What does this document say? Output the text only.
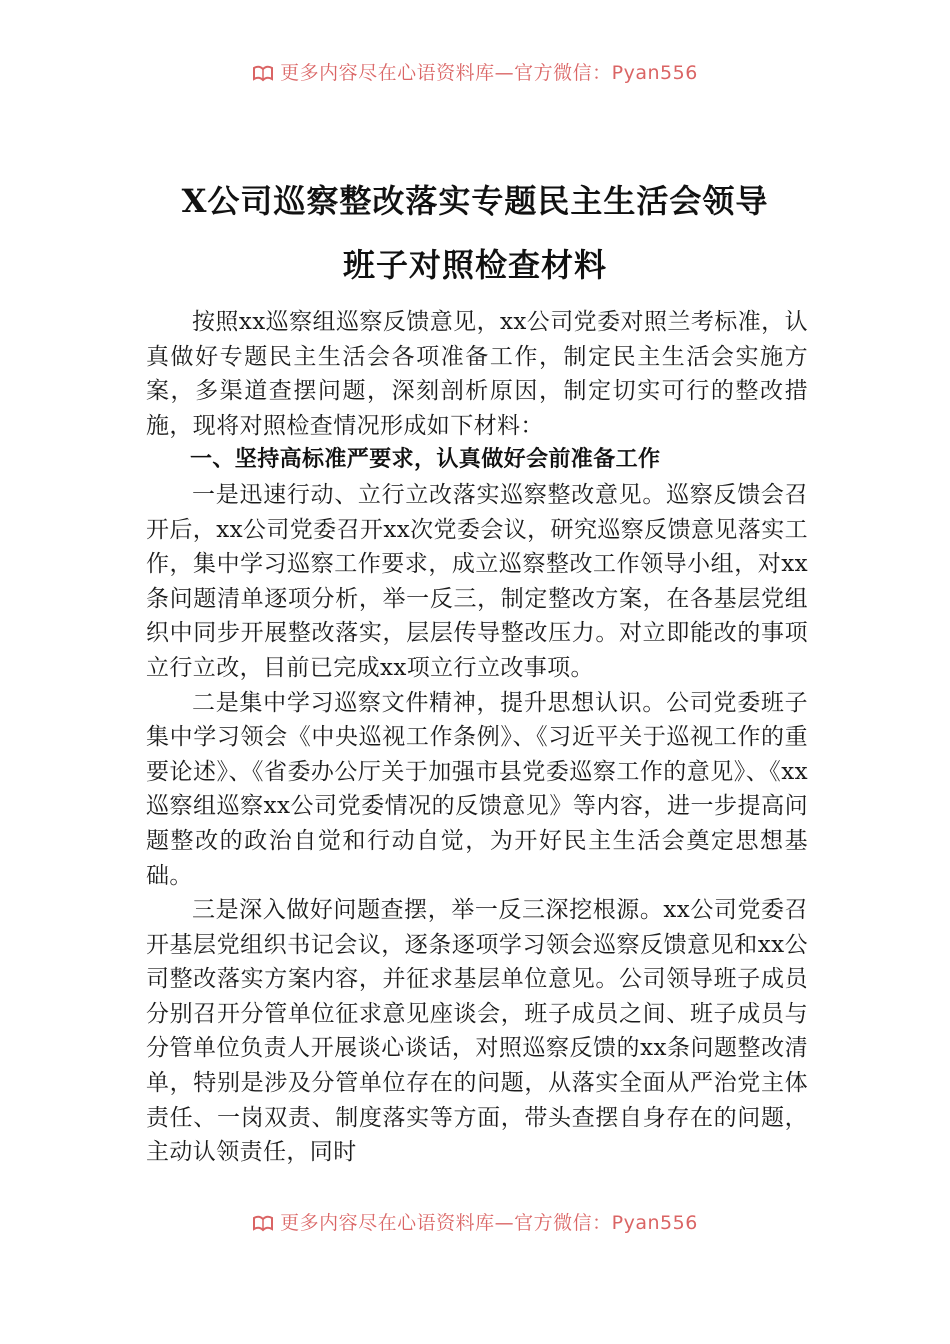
更多内容尽在心语资料库—官方微信：Pyan556
X公司巡察整改落实专题民主生活会领导
班子对照检查材料

按照xx巡察组巡察反馈意见，xx公司党委对照兰考标准，认真做好专题民主生活会各项准备工作，制定民主生活会实施方案，多渠道查摆问题，深刻剖析原因，制定切实可行的整改措施，现将对照检查情况形成如下材料：

一、坚持高标准严要求，认真做好会前准备工作

一是迅速行动、立行立改落实巡察整改意见。巡察反馈会召开后，xx公司党委召开xx次党委会议，研究巡察反馈意见落实工作，集中学习巡察工作要求，成立巡察整改工作领导小组，对xx条问题清单逐项分析，举一反三，制定整改方案，在各基层党组织中同步开展整改落实，层层传导整改压力。对立即能改的事项立行立改，目前已完成xx项立行立改事项。

二是集中学习巡察文件精神，提升思想认识。公司党委班子集中学习领会《中央巡视工作条例》、《习近平关于巡视工作的重要论述》、《省委办公厅关于加强市县党委巡察工作的意见》、《xx巡察组巡察xx公司党委情况的反馈意见》等内容，进一步提高问题整改的政治自觉和行动自觉，为开好民主生活会奠定思想基础。

三是深入做好问题查摆，举一反三深挖根源。xx公司党委召开基层党组织书记会议，逐条逐项学习领会巡察反馈意见和xx公司整改落实方案内容，并征求基层单位意见。公司领导班子成员分别召开分管单位征求意见座谈会，班子成员之间、班子成员与分管单位负责人开展谈心谈话，对照巡察反馈的xx条问题整改清单，特别是涉及分管单位存在的问题，从落实全面从严治党主体责任、一岗双责、制度落实等方面，带头查摆自身存在的问题，主动认领责任，同时

更多内容尽在心语资料库—官方微信：Pyan556
